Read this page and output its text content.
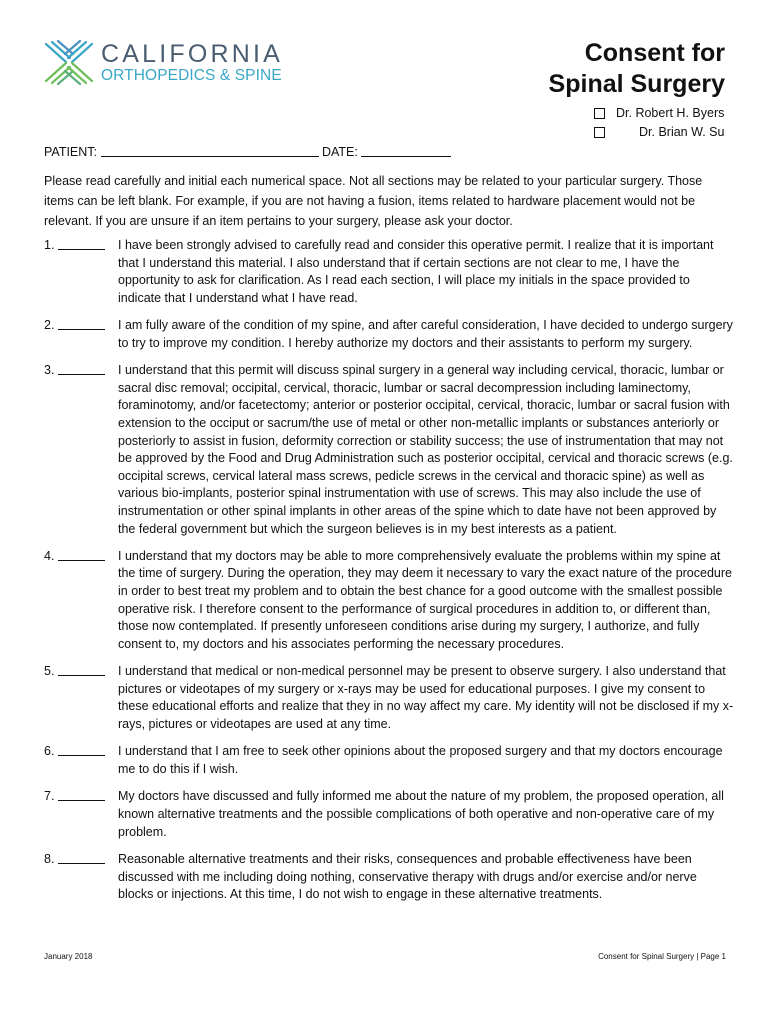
CALIFORNIA
ORTHOPEDICS & SPINE
Consent for
Spinal Surgery
Dr. Robert H. Byers
Dr. Brian W. Su
PATIENT:	DATE:
Please read carefully and initial each numerical space. Not all sections may be related to your particular surgery. Those items can be left blank. For example, if you are not having a fusion, items related to hardware placement would not be relevant. If you are unsure if an item pertains to your surgery, please ask your doctor.
1.	I have been strongly advised to carefully read and consider this operative permit. I realize that it is important that I understand this material. I also understand that if certain sections are not clear to me, I have the opportunity to ask for clarification. As I read each section, I will place my initials in the space provided to indicate that I understand what I have read.
2.	I am fully aware of the condition of my spine, and after careful consideration, I have decided to undergo surgery to try to improve my condition. I hereby authorize my doctors and their assistants to perform my surgery.
3.	I understand that this permit will discuss spinal surgery in a general way including cervical, thoracic, lumbar or sacral disc removal; occipital, cervical, thoracic, lumbar or sacral decompression including laminectomy, foraminotomy, and/or facetectomy; anterior or posterior occipital, cervical, thoracic, lumbar or sacral fusion with extension to the occiput or sacrum/the use of metal or other non-metallic implants or substances anteriorly or posteriorly to assist in fusion, deformity correction or stability success; the use of instrumentation that may not be approved by the Food and Drug Administration such as posterior occipital, cervical and thoracic screws (e.g. occipital screws, cervical lateral mass screws, pedicle screws in the cervical and thoracic spine) as well as various bio-implants, posterior spinal instrumentation with use of screws. This may also include the use of instrumentation or other spinal implants in other areas of the spine which to date have not been approved by the federal government but which the surgeon believes is in my best interests as a patient.
4.	I understand that my doctors may be able to more comprehensively evaluate the problems within my spine at the time of surgery. During the operation, they may deem it necessary to vary the exact nature of the procedure in order to best treat my problem and to obtain the best chance for a good outcome with the smallest possible operative risk. I therefore consent to the performance of surgical procedures in addition to, or different than, those now contemplated. If presently unforeseen conditions arise during my surgery, I authorize, and fully consent to, my doctors and his associates performing the necessary procedures.
5.	I understand that medical or non-medical personnel may be present to observe surgery. I also understand that pictures or videotapes of my surgery or x-rays may be used for educational purposes. I give my consent to these educational efforts and realize that they in no way affect my care. My identity will not be disclosed if my x-rays, pictures or videotapes are used at any time.
6.	I understand that I am free to seek other opinions about the proposed surgery and that my doctors encourage me to do this if I wish.
7.	My doctors have discussed and fully informed me about the nature of my problem, the proposed operation, all known alternative treatments and the possible complications of both operative and non-operative care of my problem.
8.	Reasonable alternative treatments and their risks, consequences and probable effectiveness have been discussed with me including doing nothing, conservative therapy with drugs and/or exercise and/or nerve blocks or injections. At this time, I do not wish to engage in these alternative treatments.
January 2018	Consent for Spinal Surgery | Page 1
